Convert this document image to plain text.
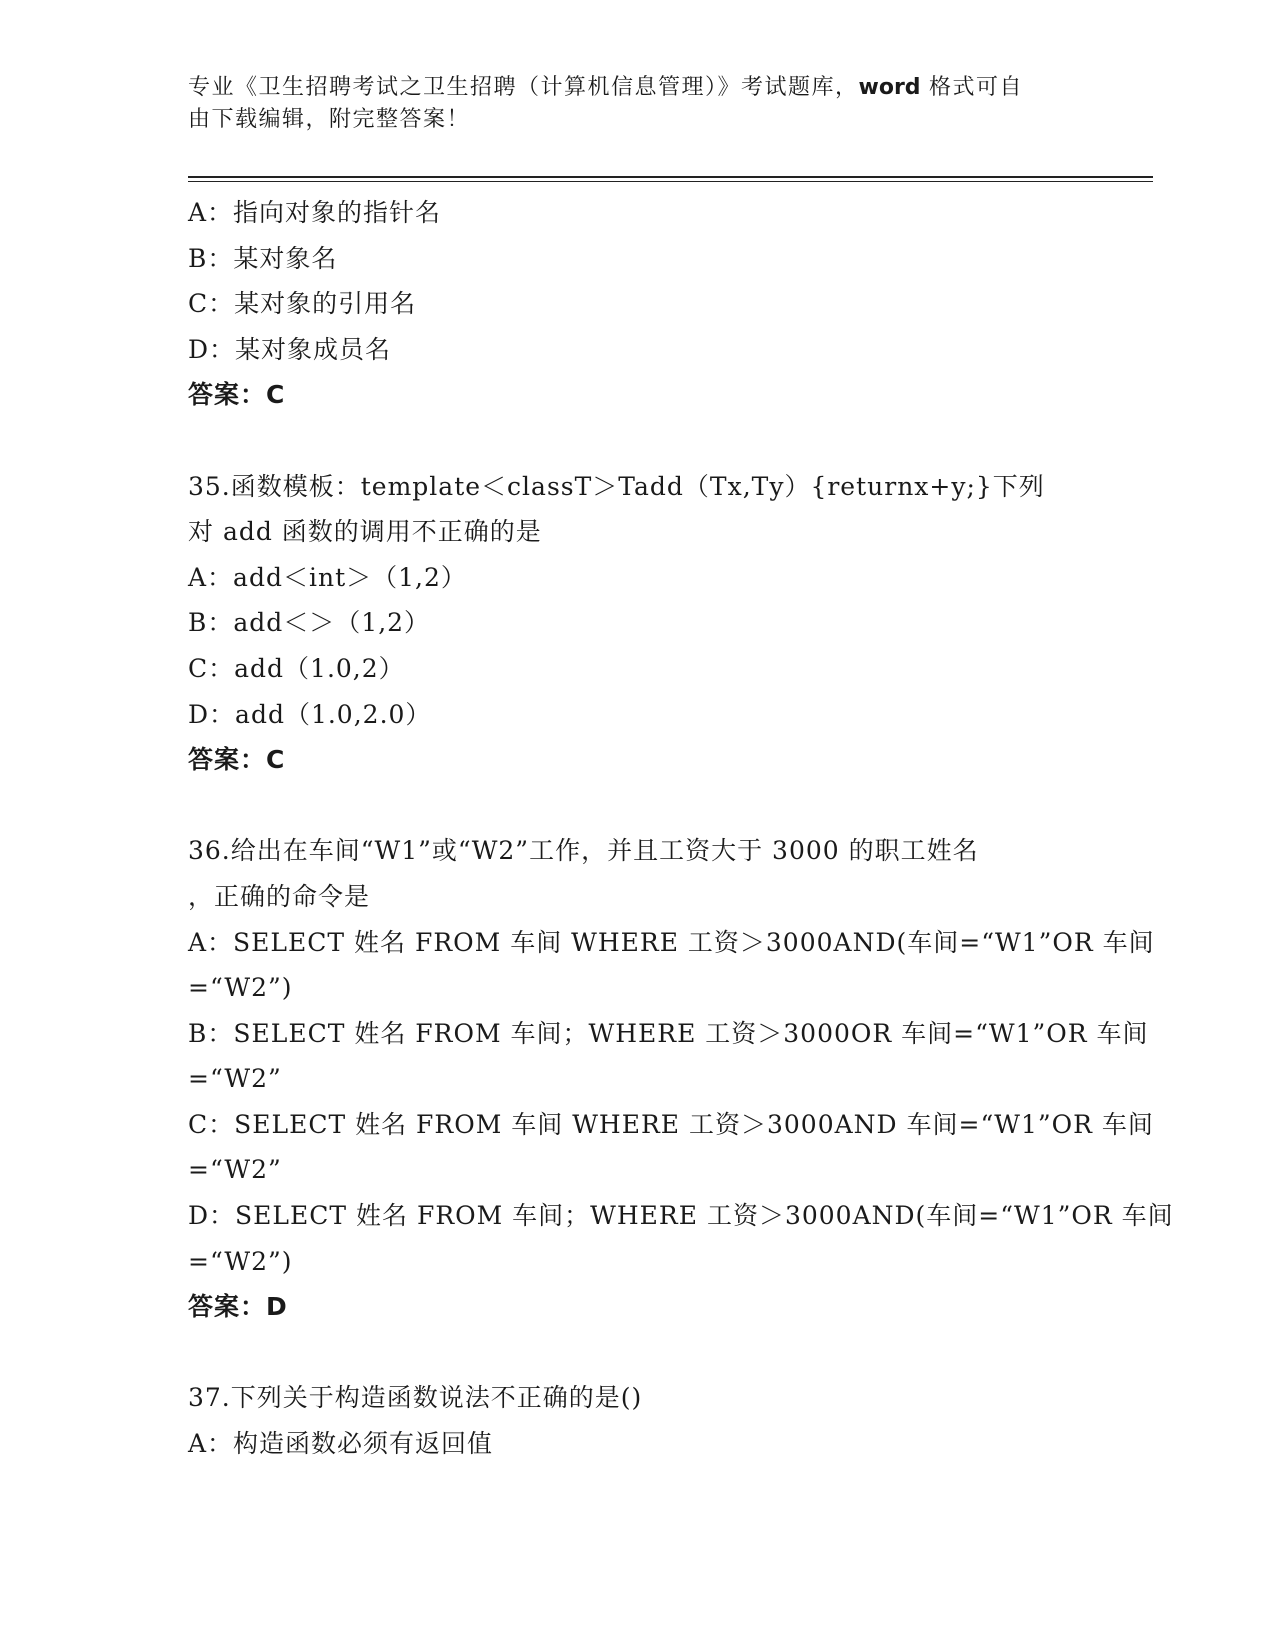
专业《卫生招聘考试之卫生招聘（计算机信息管理）》考试题库，word 格式可自
由下载编辑，附完整答案！
A：指向对象的指针名
B：某对象名
C：某对象的引用名
D：某对象成员名
答案：C
35.函数模板：template＜classT＞Tadd（Tx,Ty）{returnx+y;}下列
对 add 函数的调用不正确的是
A：add＜int＞（1,2）
B：add＜＞（1,2）
C：add（1.0,2）
D：add（1.0,2.0）
答案：C
36.给出在车间“W1”或“W2”工作，并且工资大于 3000 的职工姓名
，正确的命令是
A：SELECT 姓名 FROM 车间 WHERE 工资＞3000AND(车间=“W1”OR 车间
=“W2”)
B：SELECT 姓名 FROM 车间；WHERE 工资＞3000OR 车间=“W1”OR 车间
=“W2”
C：SELECT 姓名 FROM 车间 WHERE 工资＞3000AND 车间=“W1”OR 车间
=“W2”
D：SELECT 姓名 FROM 车间；WHERE 工资＞3000AND(车间=“W1”OR 车间
=“W2”)
答案：D
37.下列关于构造函数说法不正确的是()
A：构造函数必须有返回值
